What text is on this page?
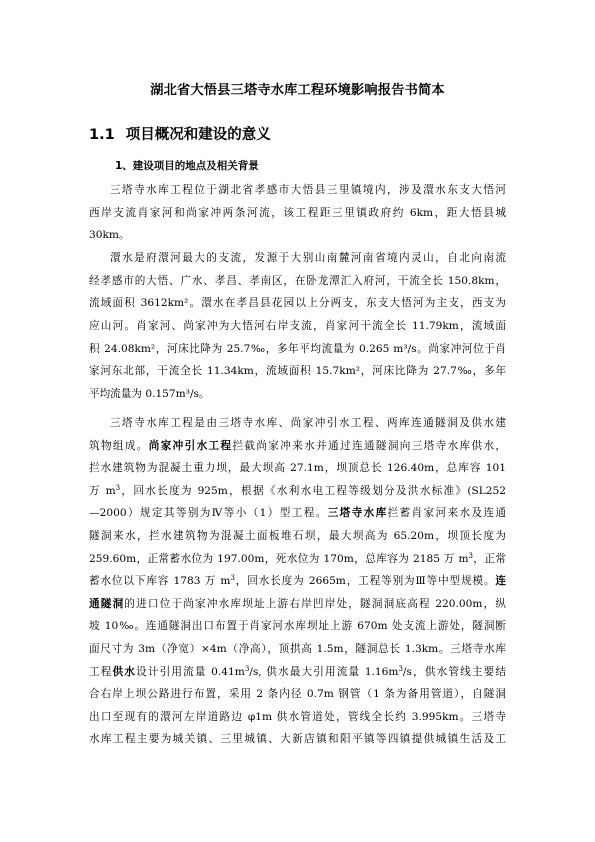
湖北省大悟县三塔寺水库工程环境影响报告书简本
1.1 项目概况和建设的意义
1、建设项目的地点及相关背景
三塔寺水库工程位于湖北省孝感市大悟县三里镇境内，涉及澴水东支大悟河
西岸支流肖家河和尚家冲两条河流，该工程距三里镇政府约 6km，距大悟县城
30km。
澴水是府澴河最大的支流，发源于大别山南麓河南省境内灵山，自北向南流
经孝感市的大悟、广水、孝昌、孝南区，在卧龙潭汇入府河，干流全长 150.8km，
流域面积 3612km²。澴水在孝昌县花园以上分两支，东支大悟河为主支，西支为
应山河。肖家河、尚家冲为大悟河右岸支流，肖家河干流全长 11.79km，流域面
积 24.08km²，河床比降为 25.7‰，多年平均流量为 0.265 m³/s。尚家冲河位于肖
家河东北部，干流全长 11.34km，流域面积 15.7km²，河床比降为 27.7‰，多年
平均流量为 0.157m³/s。
三塔寺水库工程是由三塔寺水库、尚家冲引水工程、两库连通隧洞及供水建
筑物组成。尚家冲引水工程拦截尚家冲来水并通过连通隧洞向三塔寺水库供水，
拦水建筑物为混凝土重力坝，最大坝高 27.1m，坝顶总长 126.40m，总库容 101
万 $m^3$，回水长度为 925m，根据《水利水电工程等级划分及洪水标准》(SL252
—2000）规定其等别为Ⅳ等小（1）型工程。三塔寺水库拦蓄肖家河来水及连通
隧洞来水，拦水建筑物为混凝土面板堆石坝，最大坝高为 65.20m，坝顶长度为
259.60m，正常蓄水位为 197.00m，死水位为 170m，总库容为 2185 万 $m^3$，正常
蓄水位以下库容 1783 万 $m^3$，回水长度为 2665m，工程等别为Ⅲ等中型规模。连
通隧洞的进口位于尚家冲水库坝址上游右岸凹岸处，隧洞洞底高程 220.00m，纵
坡 10‰。连通隧洞出口布置于肖家河水库坝址上游 670m 处支流上游处，隧洞断
面尺寸为 3m（净宽）×4m（净高），顶拱高 1.5m，隧洞总长 1.3km。三塔寺水库
工程供水设计引用流量 $0.41m^3/s$, 供水最大引用流量 $1.16m^3/s$，供水管线主要结
合右岸上坝公路进行布置，采用 2 条内径 0.7m 钢管（1 条为备用管道），自隧洞
出口至现有的澴河左岸道路边 φ1m 供水管道处，管线全长约 3.995km。三塔寺
水库工程主要为城关镇、三里城镇、大新店镇和阳平镇等四镇提供城镇生活及工
